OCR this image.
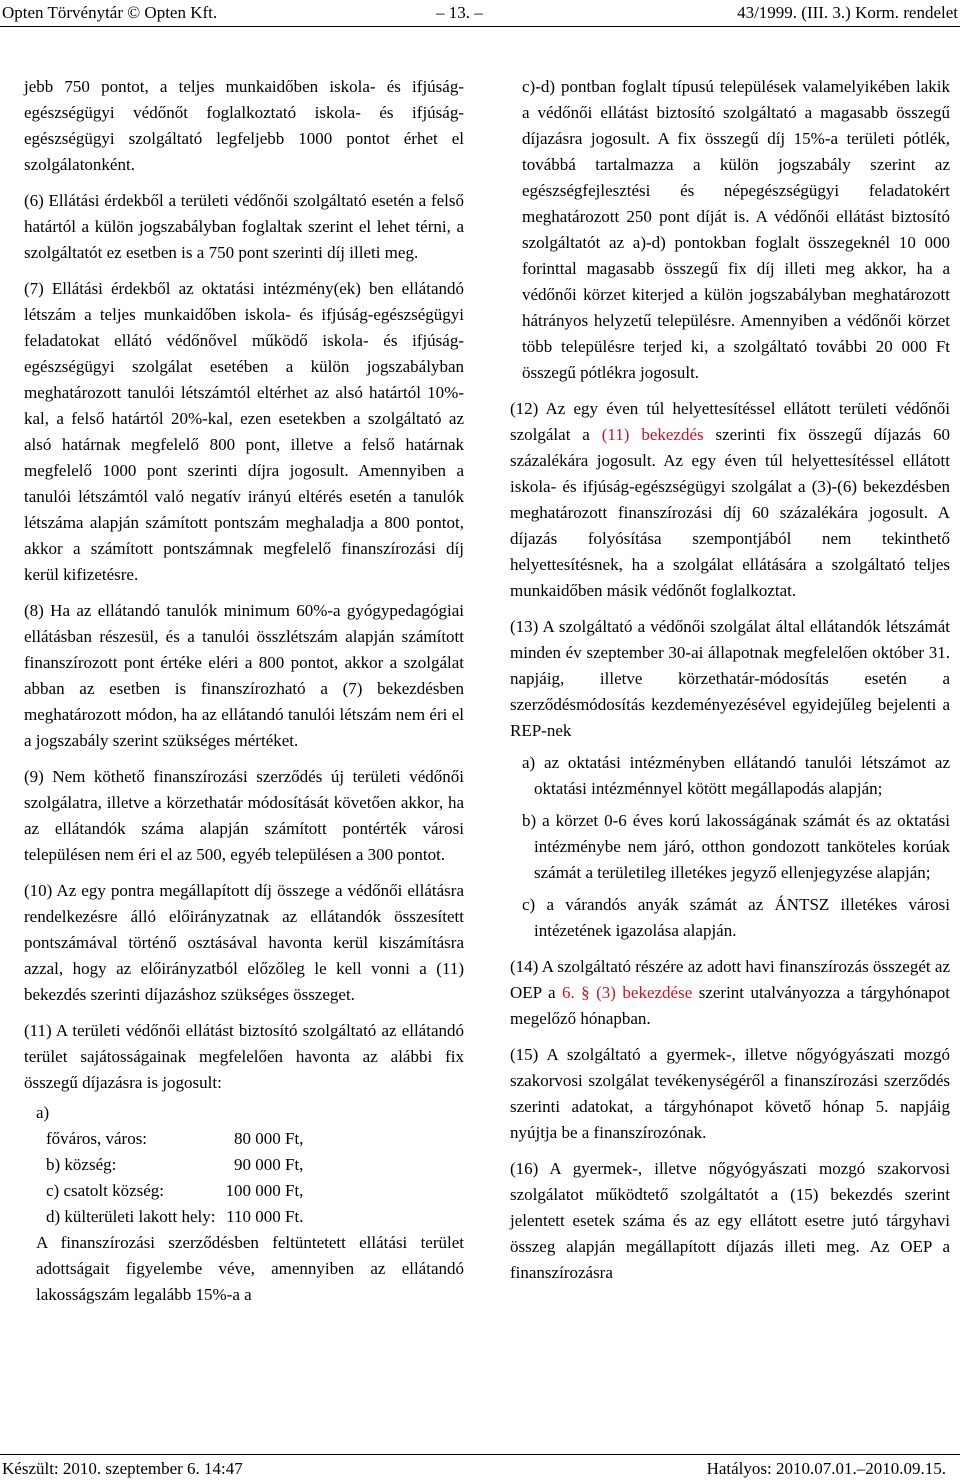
Opten Törvénytár © Opten Kft.	– 13. –	43/1999. (III. 3.) Korm. rendelet

jebb 750 pontot, a teljes munkaidőben iskola- és ifjúság-egészségügyi védőnőt foglalkoztató iskola- és ifjúság-egészségügyi szolgáltató legfeljebb 1000 pontot érhet el szolgálatonként.

(6) Ellátási érdekből a területi védőnői szolgáltató esetén a felső határtól a külön jogszabályban foglaltak szerint el lehet térni, a szolgáltatót ez esetben is a 750 pont szerinti díj illeti meg.

(7) Ellátási érdekből az oktatási intézmény(ek) ben ellátandó létszám a teljes munkaidőben iskola- és ifjúság-egészségügyi feladatokat ellátó védőnővel működő iskola- és ifjúság-egészségügyi szolgálat esetében a külön jogszabályban meghatározott tanulói létszámtól eltérhet az alsó határtól 10%-kal, a felső határtól 20%-kal, ezen esetekben a szolgáltató az alsó határnak megfelelő 800 pont, illetve a felső határnak megfelelő 1000 pont szerinti díjra jogosult. Amennyiben a tanulói létszámtól való negatív irányú eltérés esetén a tanulók létszáma alapján számított pontszám meghaladja a 800 pontot, akkor a számított pontszámnak megfelelő finanszírozási díj kerül kifizetésre.

(8) Ha az ellátandó tanulók minimum 60%-a gyógypedagógiai ellátásban részesül, és a tanulói összlétszám alapján számított finanszírozott pont értéke eléri a 800 pontot, akkor a szolgálat abban az esetben is finanszírozható a (7) bekezdésben meghatározott módon, ha az ellátandó tanulói létszám nem éri el a jogszabály szerint szükséges mértéket.

(9) Nem köthető finanszírozási szerződés új területi védőnői szolgálatra, illetve a körzethatár módosítását követően akkor, ha az ellátandók száma alapján számított pontérték városi településen nem éri el az 500, egyéb településen a 300 pontot.

(10) Az egy pontra megállapított díj összege a védőnői ellátásra rendelkezésre álló előirányzatnak az ellátandók összesített pontszámával történő osztásával havonta kerül kiszámításra azzal, hogy az előirányzatból előzőleg le kell vonni a (11) bekezdés szerinti díjazáshoz szükséges összeget.

(11) A területi védőnői ellátást biztosító szolgáltató az ellátandó terület sajátosságainak megfelelően havonta az alábbi fix összegű díjazásra is jogosult:

a)

főváros, város:	80 000 Ft,
b) község:	90 000 Ft,
c) csatolt község:	100 000 Ft,
d) külterületi lakott hely:	110 000 Ft.

A finanszírozási szerződésben feltüntetett ellátási terület adottságait figyelembe véve, amennyiben az ellátandó lakosságszám legalább 15%-a a

c)-d) pontban foglalt típusú települések valamelyikében lakik a védőnői ellátást biztosító szolgáltató a magasabb összegű díjazásra jogosult. A fix összegű díj 15%-a területi pótlék, továbbá tartalmazza a külön jogszabály szerint az egészségfejlesztési és népegészségügyi feladatokért meghatározott 250 pont díját is. A védőnői ellátást biztosító szolgáltatót az a)-d) pontokban foglalt összegeknél 10 000 forinttal magasabb összegű fix díj illeti meg akkor, ha a védőnői körzet kiterjed a külön jogszabályban meghatározott hátrányos helyzetű településre. Amennyiben a védőnői körzet több településre terjed ki, a szolgáltató további 20 000 Ft összegű pótlékra jogosult.

(12) Az egy éven túl helyettesítéssel ellátott területi védőnői szolgálat a (11) bekezdés szerinti fix összegű díjazás 60 százalékára jogosult. Az egy éven túl helyettesítéssel ellátott iskola- és ifjúság-egészségügyi szolgálat a (3)-(6) bekezdésben meghatározott finanszírozási díj 60 százalékára jogosult. A díjazás folyósítása szempontjából nem tekinthető helyettesítésnek, ha a szolgálat ellátására a szolgáltató teljes munkaidőben másik védőnőt foglalkoztat.

(13) A szolgáltató a védőnői szolgálat által ellátandók létszámát minden év szeptember 30-ai állapotnak megfelelően október 31. napjáig, illetve körzethatár-módosítás esetén a szerződésmódosítás kezdeményezésével egyidejűleg bejelenti a REP-nek

a) az oktatási intézményben ellátandó tanulói létszámot az oktatási intézménnyel kötött megállapodás alapján;

b) a körzet 0-6 éves korú lakosságának számát és az oktatási intézménybe nem járó, otthon gondozott tanköteles korúak számát a területileg illetékes jegyző ellenjegyzése alapján;

c) a várandós anyák számát az ÁNTSZ illetékes városi intézetének igazolása alapján.

(14) A szolgáltató részére az adott havi finanszírozás összegét az OEP a 6. § (3) bekezdése szerint utalványozza a tárgyhónapot megelőző hónapban.

(15) A szolgáltató a gyermek-, illetve nőgyógyászati mozgó szakorvosi szolgálat tevékenységéről a finanszírozási szerződés szerinti adatokat, a tárgyhónapot követő hónap 5. napjáig nyújtja be a finanszírozónak.

(16) A gyermek-, illetve nőgyógyászati mozgó szakorvosi szolgálatot működtető szolgáltatót a (15) bekezdés szerint jelentett esetek száma és az egy ellátott esetre jutó tárgyhavi összeg alapján megállapított díjazás illeti meg. Az OEP a finanszírozásra

Készült: 2010. szeptember 6. 14:47	Hatályos: 2010.07.01.–2010.09.15.
